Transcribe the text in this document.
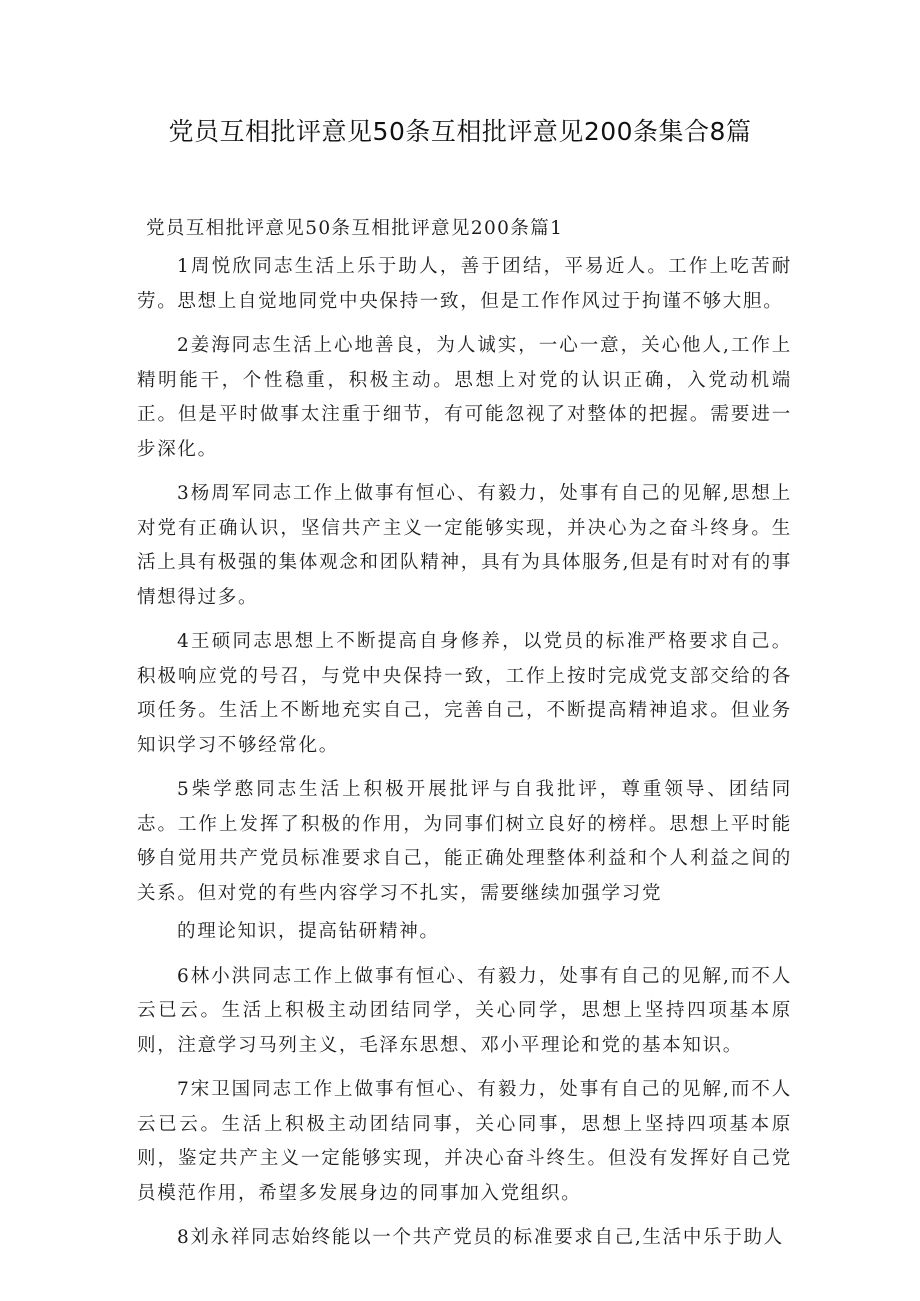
党员互相批评意见50条互相批评意见200条集合8篇
党员互相批评意见50条互相批评意见200条篇1

1周悦欣同志生活上乐于助人，善于团结，平易近人。工作上吃苦耐劳。思想上自觉地同党中央保持一致，但是工作作风过于拘谨不够大胆。

2姜海同志生活上心地善良，为人诚实，一心一意，关心他人,工作上精明能干，个性稳重，积极主动。思想上对党的认识正确，入党动机端正。但是平时做事太注重于细节，有可能忽视了对整体的把握。需要进一步深化。

3杨周军同志工作上做事有恒心、有毅力，处事有自己的见解,思想上对党有正确认识，坚信共产主义一定能够实现，并决心为之奋斗终身。生活上具有极强的集体观念和团队精神，具有为具体服务,但是有时对有的事情想得过多。

4王硕同志思想上不断提高自身修养，以党员的标准严格要求自己。积极响应党的号召，与党中央保持一致，工作上按时完成党支部交给的各项任务。生活上不断地充实自己，完善自己，不断提高精神追求。但业务知识学习不够经常化。

5柴学憨同志生活上积极开展批评与自我批评，尊重领导、团结同志。工作上发挥了积极的作用，为同事们树立良好的榜样。思想上平时能够自觉用共产党员标准要求自己，能正确处理整体利益和个人利益之间的关系。但对党的有些内容学习不扎实，需要继续加强学习党

的理论知识，提高钻研精神。

6林小洪同志工作上做事有恒心、有毅力，处事有自己的见解,而不人云已云。生活上积极主动团结同学，关心同学，思想上坚持四项基本原则，注意学习马列主义，毛泽东思想、邓小平理论和党的基本知识。

7宋卫国同志工作上做事有恒心、有毅力，处事有自己的见解,而不人云已云。生活上积极主动团结同事，关心同事，思想上坚持四项基本原则，鉴定共产主义一定能够实现，并决心奋斗终生。但没有发挥好自己党员模范作用，希望多发展身边的同事加入党组织。

8刘永祥同志始终能以一个共产党员的标准要求自己,生活中乐于助人
